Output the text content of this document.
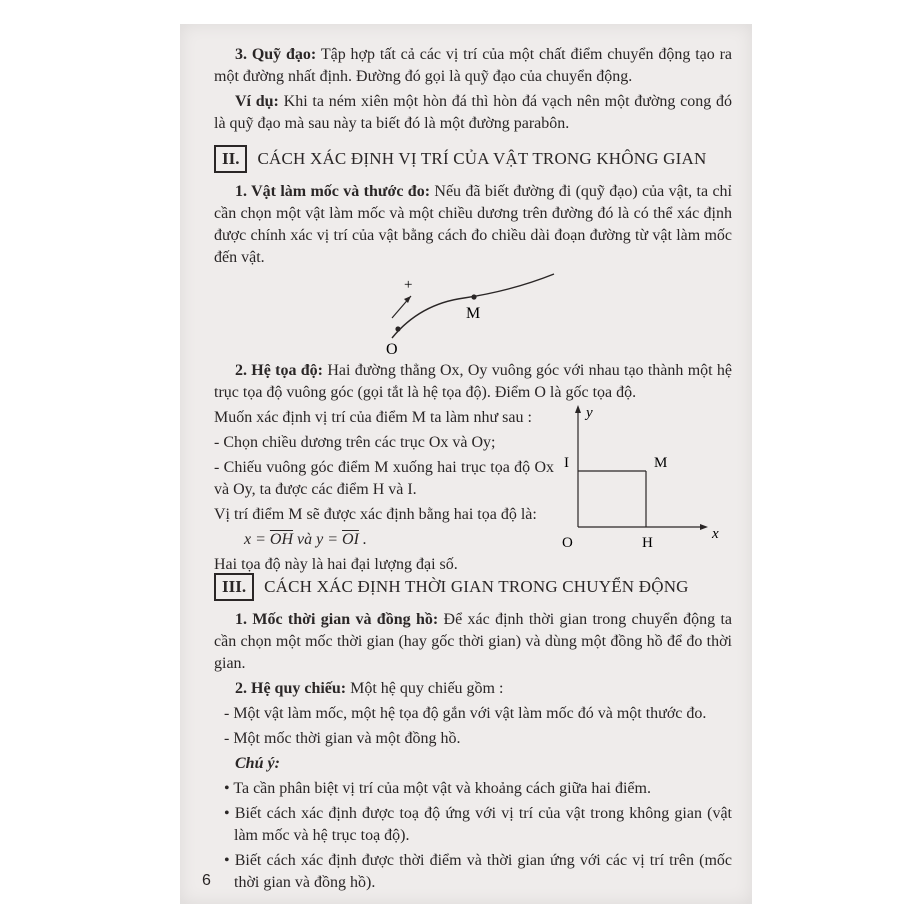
3. Quỹ đạo: Tập hợp tất cả các vị trí của một chất điểm chuyển động tạo ra một đường nhất định. Đường đó gọi là quỹ đạo của chuyển động.

Ví dụ: Khi ta ném xiên một hòn đá thì hòn đá vạch nên một đường cong đó là quỹ đạo mà sau này ta biết đó là một đường parabôn.

II.	CÁCH XÁC ĐỊNH VỊ TRÍ CỦA VẬT TRONG KHÔNG GIAN

1. Vật làm mốc và thước đo: Nếu đã biết đường đi (quỹ đạo) của vật, ta chỉ cần chọn một vật làm mốc và một chiều dương trên đường đó là có thể xác định được chính xác vị trí của vật bằng cách đo chiều dài đoạn đường từ vật làm mốc đến vật.

+
M
O

2. Hệ tọa độ: Hai đường thẳng Ox, Oy vuông góc với nhau tạo thành một hệ trục tọa độ vuông góc (gọi tắt là hệ tọa độ). Điểm O là gốc tọa độ.

Muốn xác định vị trí của điểm M ta làm như sau :

- Chọn chiều dương trên các trục Ox và Oy;

- Chiếu vuông góc điểm M xuống hai trục tọa độ Ox và Oy, ta được các điểm H và I.

Vị trí điểm M sẽ được xác định bằng hai tọa độ là:

$x = \overline{OH}$ và $y = \overline{OI}$ .

Hai tọa độ này là hai đại lượng đại số.

y
x
O	H
I	M
III.	CÁCH XÁC ĐỊNH THỜI GIAN TRONG CHUYỂN ĐỘNG

1. Mốc thời gian và đồng hồ: Để xác định thời gian trong chuyển động ta cần chọn một mốc thời gian (hay gốc thời gian) và dùng một đồng hồ để đo thời gian.

2. Hệ quy chiếu: Một hệ quy chiếu gồm :

- Một vật làm mốc, một hệ tọa độ gắn với vật làm mốc đó và một thước đo.

- Một mốc thời gian và một đồng hồ.

Chú ý:

• Ta cần phân biệt vị trí của một vật và khoảng cách giữa hai điểm.

• Biết cách xác định được toạ độ ứng với vị trí của vật trong không gian (vật làm mốc và hệ trục toạ độ).

• Biết cách xác định được thời điểm và thời gian ứng với các vị trí trên (mốc thời gian và đồng hồ).

6
